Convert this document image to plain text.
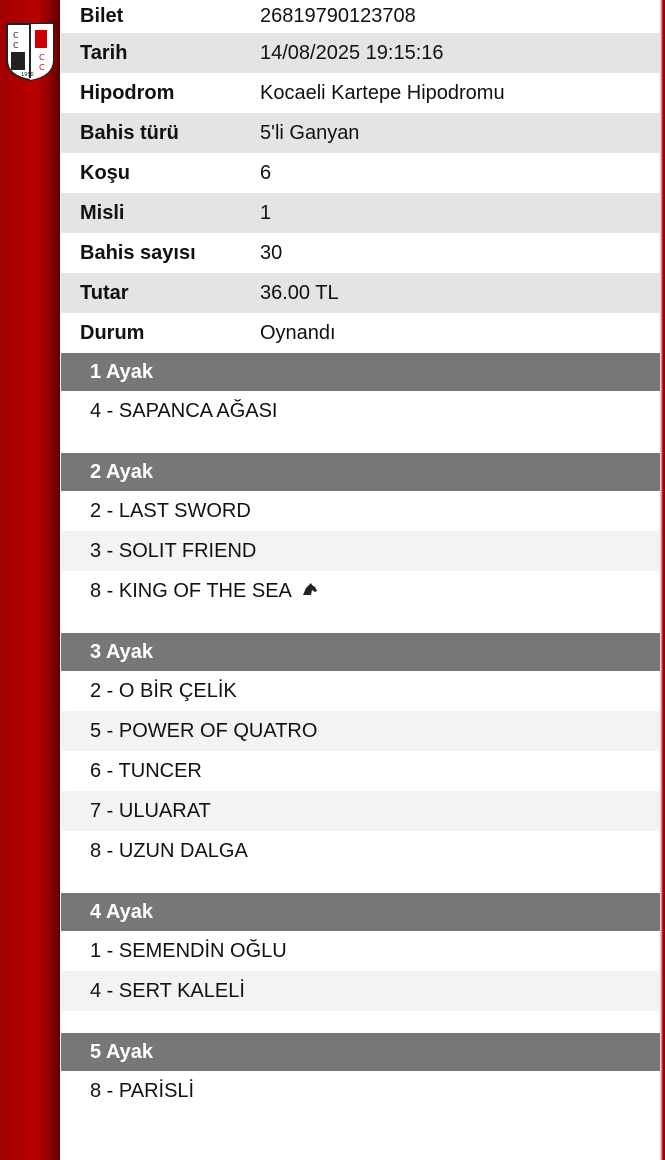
C
C
C
C
1950
Bilet	26819790123708
Tarih	14/08/2025 19:15:16
Hipodrom	Kocaeli Kartepe Hipodromu
Bahis türü	5'li Ganyan
Koşu	6
Misli	1
Bahis sayısı	30
Tutar	36.00 TL
Durum	Oynandı
1 Ayak
4 - SAPANCA AĞASI
2 Ayak
2 - LAST SWORD
3 - SOLIT FRIEND
8 - KING OF THE SEA
3 Ayak
2 - O BİR ÇELİK
5 - POWER OF QUATRO
6 - TUNCER
7 - ULUARAT
8 - UZUN DALGA
4 Ayak
1 - SEMENDİN OĞLU
4 - SERT KALELİ
5 Ayak
8 - PARİSLİ
